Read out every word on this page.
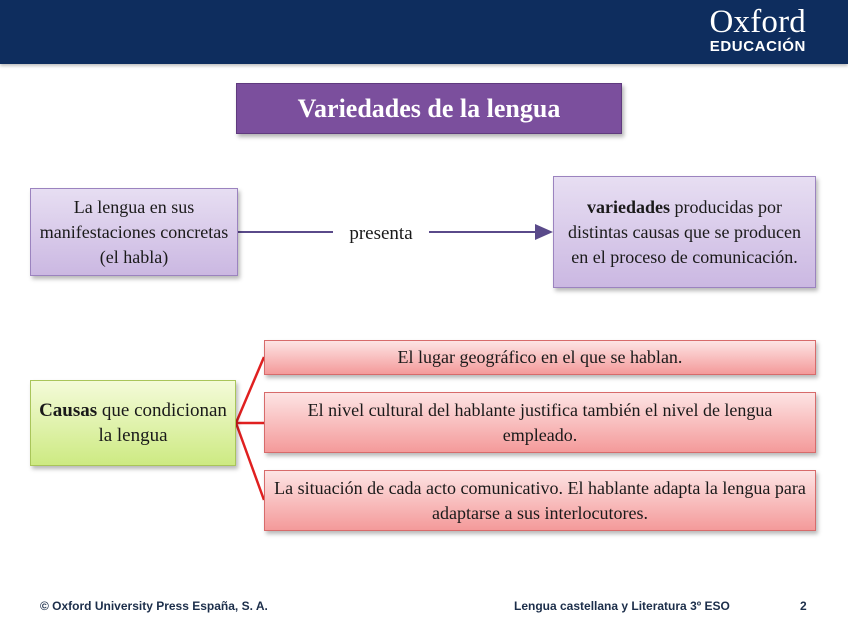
Oxford
EDUCACIÓN
Variedades de la lengua
La lengua en sus manifestaciones concretas (el habla)
presenta
variedades producidas por distintas causas que se producen en el proceso de comunicación.
Causas que condicionan la lengua
El lugar geográfico en el que se hablan.
El nivel cultural del hablante justifica también el nivel de lengua empleado.
La situación de cada acto comunicativo. El hablante adapta la lengua para adaptarse a sus interlocutores.
© Oxford University Press España, S. A.	Lengua castellana y Literatura 3º ESO	2
